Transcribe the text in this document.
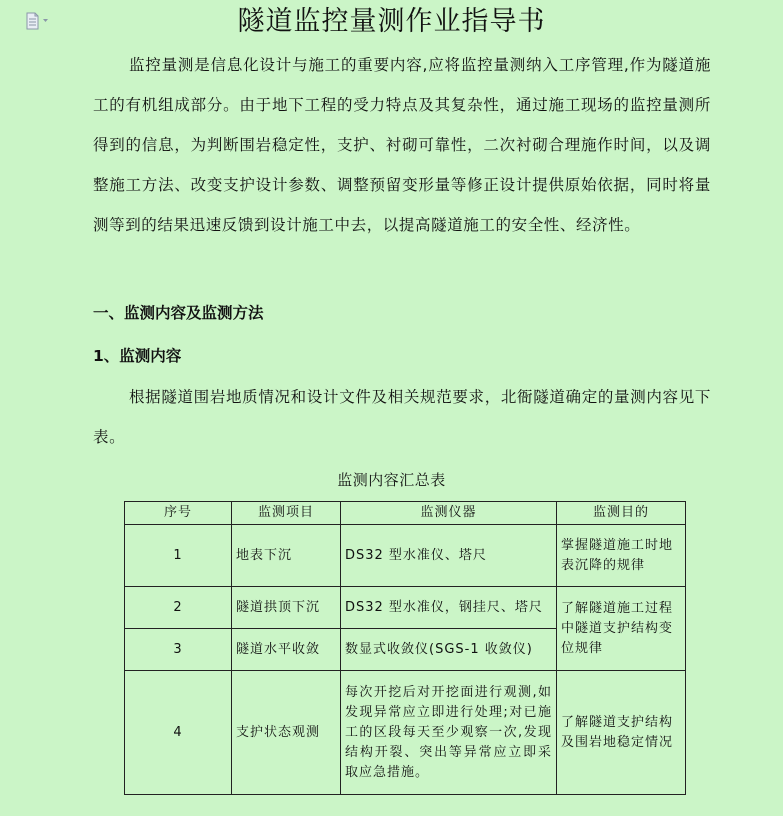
隧道监控量测作业指导书

监控量测是信息化设计与施工的重要内容,应将监控量测纳入工序管理,作为隧道施工的有机组成部分。由于地下工程的受力特点及其复杂性，通过施工现场的监控量测所得到的信息，为判断围岩稳定性，支护、衬砌可靠性，二次衬砌合理施作时间，以及调整施工方法、改变支护设计参数、调整预留变形量等修正设计提供原始依据，同时将量测等到的结果迅速反馈到设计施工中去，以提高隧道施工的安全性、经济性。

一、监测内容及监测方法
1、监测内容

根据隧道围岩地质情况和设计文件及相关规范要求，北衙隧道确定的量测内容见下表。

监测内容汇总表
序号	监测项目	监测仪器	监测目的
1	地表下沉	DS32 型水准仪、塔尺	掌握隧道施工时地表沉降的规律
2	隧道拱顶下沉	DS32 型水准仪，钢挂尺、塔尺	了解隧道施工过程中隧道支护结构变位规律
3	隧道水平收敛	数显式收敛仪(SGS-1 收敛仪)	
4	支护状态观测	每次开挖后对开挖面进行观测,如发现异常应立即进行处理;对已施工的区段每天至少观察一次,发现结构开裂、突出等异常应立即采取应急措施。	了解隧道支护结构及围岩地稳定情况
